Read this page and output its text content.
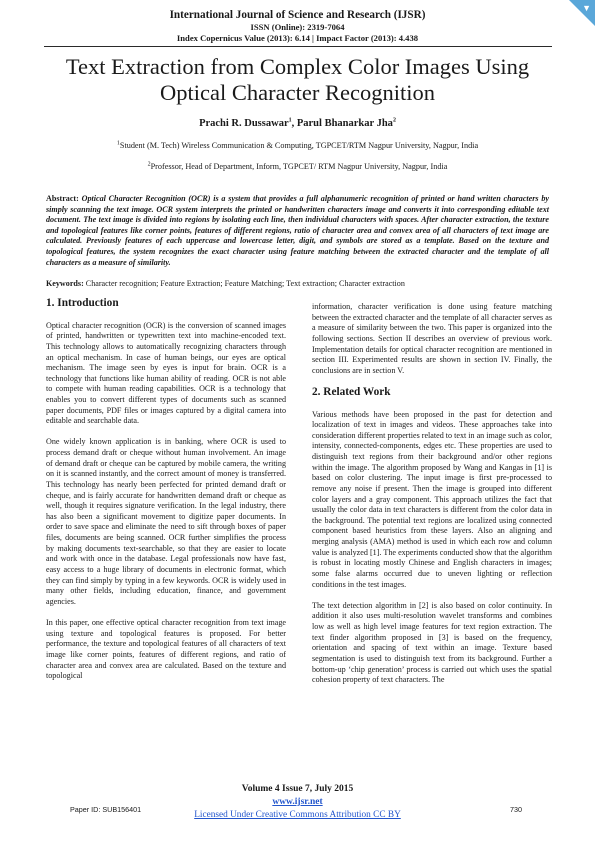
▼
International Journal of Science and Research (IJSR)
ISSN (Online): 2319-7064
Index Copernicus Value (2013): 6.14 | Impact Factor (2013): 4.438
Text Extraction from Complex Color Images Using
Optical Character Recognition
Prachi R. Dussawar$^1$, Parul Bhanarkar Jha$^2$
$^1$Student (M. Tech) Wireless Communication & Computing, TGPCET/RTM Nagpur University, Nagpur, India
$^2$Professor, Head of Department, Inform, TGPCET/ RTM Nagpur University, Nagpur, India
Abstract: Optical Character Recognition (OCR) is a system that provides a full alphanumeric recognition of printed or hand written characters by simply scanning the text image. OCR system interprets the printed or handwritten characters image and converts it into corresponding editable text document. The text image is divided into regions by isolating each line, then individual characters with spaces. After character extraction, the texture and topological features like corner points, features of different regions, ratio of character area and convex area of all characters of text image are calculated. Previously features of each uppercase and lowercase letter, digit, and symbols are stored as a template. Based on the texture and topological features, the system recognizes the exact character using feature matching between the extracted character and the template of all characters as a measure of similarity.
Keywords: Character recognition; Feature Extraction; Feature Matching; Text extraction; Character extraction
1. Introduction

Optical character recognition (OCR) is the conversion of scanned images of printed, handwritten or typewritten text into machine-encoded text. This technology allows to automatically recognizing characters through an optical mechanism. In case of human beings, our eyes are optical mechanism. The image seen by eyes is input for brain. OCR is a technology that functions like human ability of reading. OCR is not able to compete with human reading capabilities. OCR is a technology that enables you to convert different types of documents such as scanned paper documents, PDF files or images captured by a digital camera into editable and searchable data.

One widely known application is in banking, where OCR is used to process demand draft or cheque without human involvement. An image of demand draft or cheque can be captured by mobile camera, the writing on it is scanned instantly, and the correct amount of money is transferred. This technology has nearly been perfected for printed demand draft or cheque, and is fairly accurate for handwritten demand draft or cheque as well, though it requires signature verification. In the legal industry, there has also been a significant movement to digitize paper documents. In order to save space and eliminate the need to sift through boxes of paper files, documents are being scanned. OCR further simplifies the process by making documents text-searchable, so that they are easier to locate and work with once in the database. Legal professionals now have fast, easy access to a huge library of documents in electronic format, which they can find simply by typing in a few keywords. OCR is widely used in many other fields, including education, finance, and government agencies.

In this paper, one effective optical character recognition from text image using texture and topological features is proposed. For better performance, the texture and topological features of all characters of text image like corner points, features of different regions, and ratio of character area and convex area are calculated. Based on the texture and topological

information, character verification is done using feature matching between the extracted character and the template of all character serves as a measure of similarity between the two. This paper is organized into the following sections. Section II describes an overview of previous work. Implementation details for optical character recognition are mentioned in section III. Experimented results are shown in section IV. Finally, the conclusions are in section V.

2. Related Work

Various methods have been proposed in the past for detection and localization of text in images and videos. These approaches take into consideration different properties related to text in an image such as color, intensity, connected-components, edges etc. These properties are used to distinguish text regions from their background and/or other regions within the image. The algorithm proposed by Wang and Kangas in [1] is based on color clustering. The input image is first pre-processed to remove any noise if present. Then the image is grouped into different color layers and a gray component. This approach utilizes the fact that usually the color data in text characters is different from the color data in the background. The potential text regions are localized using connected component based heuristics from these layers. Also an aligning and merging analysis (AMA) method is used in which each row and column value is analyzed [1]. The experiments conducted show that the algorithm is robust in locating mostly Chinese and English characters in images; some false alarms occurred due to uneven lighting or reflection conditions in the test images.

The text detection algorithm in [2] is also based on color continuity. In addition it also uses multi-resolution wavelet transforms and combines low as well as high level image features for text region extraction. The text finder algorithm proposed in [3] is based on the frequency, orientation and spacing of text within an image. Texture based segmentation is used to distinguish text from its background. Further a bottom-up ‘chip generation’ process is carried out which uses the spatial cohesion property of text characters. The

Volume 4 Issue 7, July 2015
www.ijsr.net
Paper ID: SUB156401	730
Licensed Under Creative Commons Attribution CC BY
